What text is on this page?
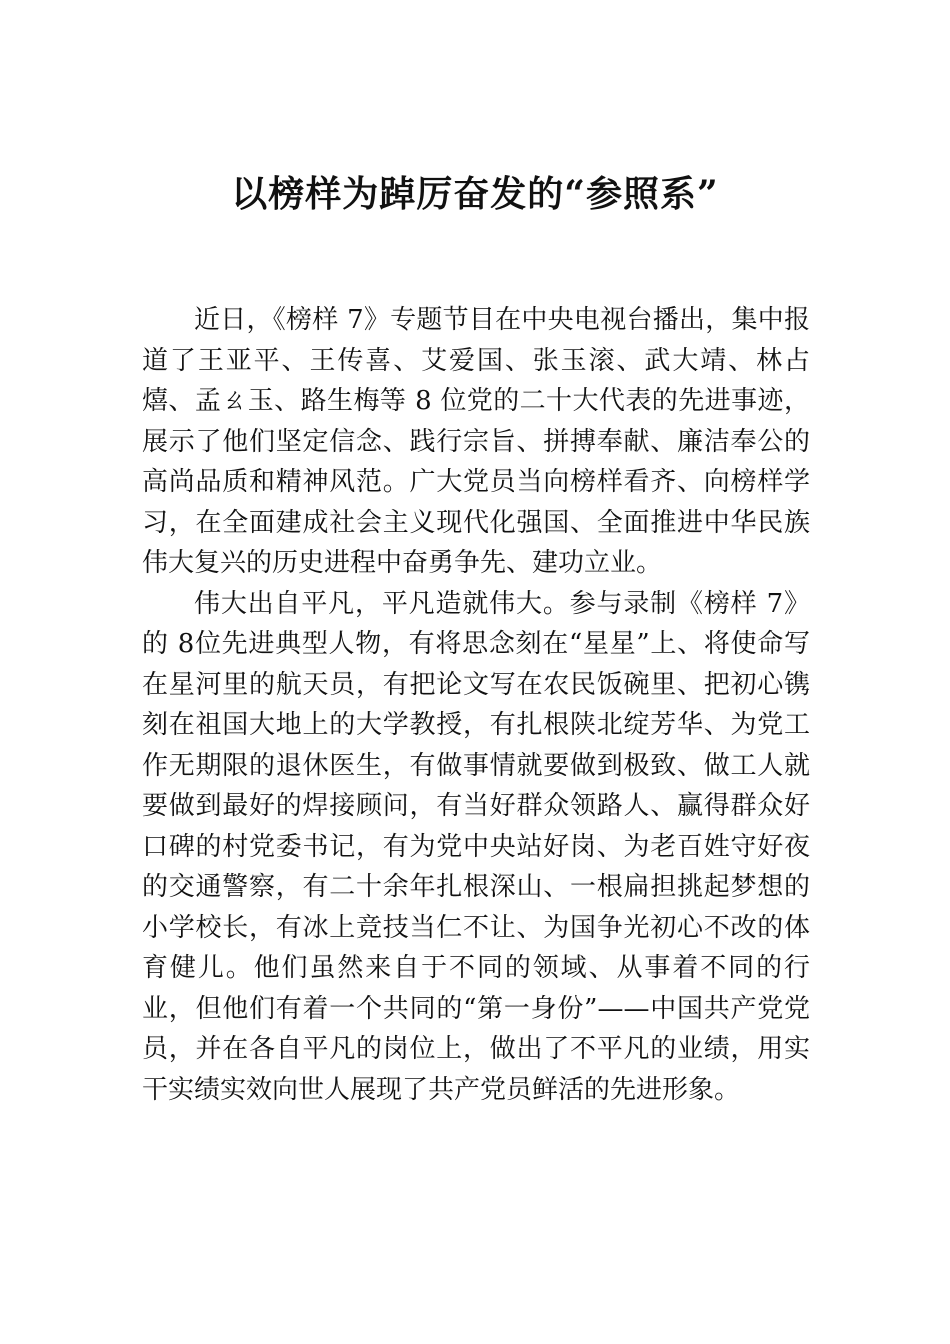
以榜样为踔厉奋发的“参照系”

近日，《榜样 7》专题节目在中央电视台播出，集中报道了王亚平、王传喜、艾爱国、张玉滚、武大靖、林占熺、孟ㄠ玉、路生梅等 8 位党的二十大代表的先进事迹，展示了他们坚定信念、践行宗旨、拼搏奉献、廉洁奉公的高尚品质和精神风范。广大党员当向榜样看齐、向榜样学习，在全面建成社会主义现代化强国、全面推进中华民族伟大复兴的历史进程中奋勇争先、建功立业。

伟大出自平凡，平凡造就伟大。参与录制《榜样 7》的 8位先进典型人物，有将思念刻在“星星”上、将使命写在星河里的航天员，有把论文写在农民饭碗里、把初心镌刻在祖国大地上的大学教授，有扎根陕北绽芳华、为党工作无期限的退休医生，有做事情就要做到极致、做工人就要做到最好的焊接顾问，有当好群众领路人、赢得群众好口碑的村党委书记，有为党中央站好岗、为老百姓守好夜的交通警察，有二十余年扎根深山、一根扁担挑起梦想的小学校长，有冰上竞技当仁不让、为国争光初心不改的体育健儿。他们虽然来自于不同的领域、从事着不同的行业，但他们有着一个共同的“第一身份”——中国共产党党员，并在各自平凡的岗位上，做出了不平凡的业绩，用实干实绩实效向世人展现了共产党员鲜活的先进形象。
